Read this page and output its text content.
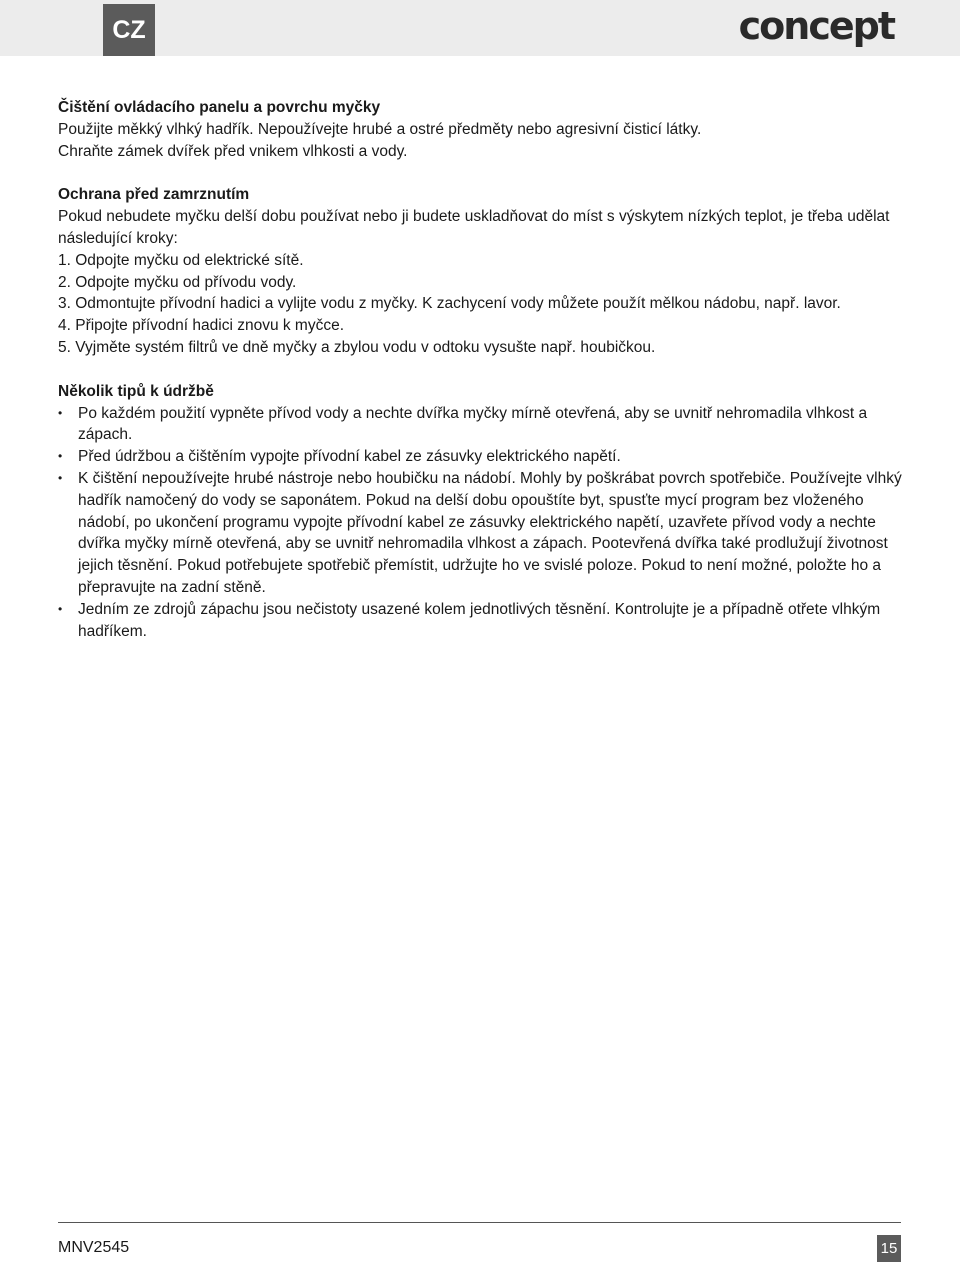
CZ	concept

Čištění ovládacího panelu a povrchu myčky

Použijte měkký vlhký hadřík. Nepoužívejte hrubé a ostré předměty nebo agresivní čisticí látky.

Chraňte zámek dvířek před vnikem vlhkosti a vody.

Ochrana před zamrznutím

Pokud nebudete myčku delší dobu používat nebo ji budete uskladňovat do míst s výskytem nízkých teplot, je třeba udělat následující kroky:

1. Odpojte myčku od elektrické sítě.

2. Odpojte myčku od přívodu vody.

3. Odmontujte přívodní hadici a vylijte vodu z myčky. K zachycení vody můžete použít mělkou nádobu, např. lavor.

4. Připojte přívodní hadici znovu k myčce.

5. Vyjměte systém filtrů ve dně myčky a zbylou vodu v odtoku vysušte např. houbičkou.

Několik tipů k údržbě

• Po každém použití vypněte přívod vody a nechte dvířka myčky mírně otevřená, aby se uvnitř nehromadila vlhkost a zápach.
• Před údržbou a čištěním vypojte přívodní kabel ze zásuvky elektrického napětí.
• K čištění nepoužívejte hrubé nástroje nebo houbičku na nádobí. Mohly by poškrábat povrch spotřebiče. Používejte vlhký hadřík namočený do vody se saponátem. Pokud na delší dobu opouštíte byt, spusťte mycí program bez vloženého nádobí, po ukončení programu vypojte přívodní kabel ze zásuvky elektrického napětí, uzavřete přívod vody a nechte dvířka myčky mírně otevřená, aby se uvnitř nehromadila vlhkost a zápach. Pootevřená dvířka také prodlužují životnost jejich těsnění. Pokud potřebujete spotřebič přemístit, udržujte ho ve svislé poloze. Pokud to není možné, položte ho a přepravujte na zadní stěně.
• Jedním ze zdrojů zápachu jsou nečistoty usazené kolem jednotlivých těsnění. Kontrolujte je a případně otřete vlhkým hadříkem.
MNV2545	15
